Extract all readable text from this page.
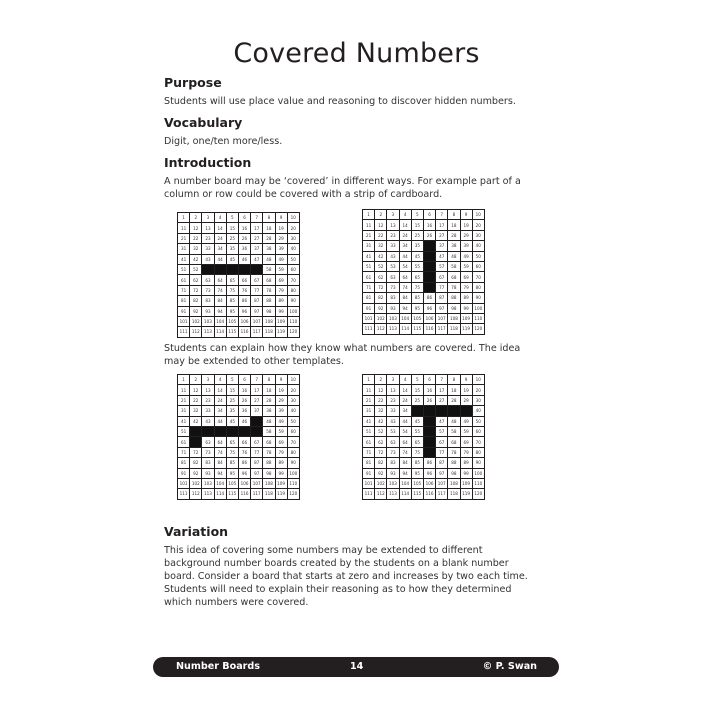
Covered Numbers
Purpose
Students will use place value and reasoning to discover hidden numbers.
Vocabulary
Digit, one/ten more/less.
Introduction
A number board may be ‘covered’ in different ways. For example part of a column or row could be covered with a strip of cardboard.
1	2	3	4	5	6	7	8	9	10
11	12	13	14	15	16	17	18	19	20
21	22	23	24	25	26	27	28	29	30
31	32	33	34	35	36	37	38	39	40
41	42	43	44	45	46	47	48	49	50
51	52	53	54	55	56	57	58	59	60
61	62	63	64	65	66	67	68	69	70
71	72	73	74	75	76	77	78	79	80
81	82	83	84	85	86	87	88	89	90
91	92	93	94	95	96	97	98	99	100
101	102	103	104	105	106	107	108	109	110
111	112	113	114	115	116	117	118	119	120
1	2	3	4	5	6	7	8	9	10
11	12	13	14	15	16	17	18	19	20
21	22	23	24	25	26	27	28	29	30
31	32	33	34	35	36	37	38	39	40
41	42	43	44	45	46	47	48	49	50
51	52	53	54	55	56	57	58	59	60
61	62	63	64	65	66	67	68	69	70
71	72	73	74	75	76	77	78	79	80
81	82	83	84	85	86	87	88	89	90
91	92	93	94	95	96	97	98	99	100
101	102	103	104	105	106	107	108	109	110
111	112	113	114	115	116	117	118	119	120
Students can explain how they know what numbers are covered. The idea may be extended to other templates.
1	2	3	4	5	6	7	8	9	10
11	12	13	14	15	16	17	18	19	20
21	22	23	24	25	26	27	28	29	30
31	32	33	34	35	36	37	38	39	40
41	42	43	44	45	46	47	48	49	50
51	52	53	54	55	56	57	58	59	60
61	62	63	64	65	66	67	68	69	70
71	72	73	74	75	76	77	78	79	80
81	82	83	84	85	86	87	88	89	90
91	92	93	94	95	96	97	98	99	100
101	102	103	104	105	106	107	108	109	110
111	112	113	114	115	116	117	118	119	120
1	2	3	4	5	6	7	8	9	10
11	12	13	14	15	16	17	18	19	20
21	22	23	24	25	26	27	28	29	30
31	32	33	34	35	36	37	38	39	40
41	42	43	44	45	46	47	48	49	50
51	52	53	54	55	56	57	58	59	60
61	62	63	64	65	66	67	68	69	70
71	72	73	74	75	76	77	78	79	80
81	82	83	84	85	86	87	88	89	90
91	92	93	94	95	96	97	98	99	100
101	102	103	104	105	106	107	108	109	110
111	112	113	114	115	116	117	118	119	120
Variation
This idea of covering some numbers may be extended to different background number boards created by the students on a blank number board. Consider a board that starts at zero and increases by two each time. Students will need to explain their reasoning as to how they determined which numbers were covered.
Number Boards	14	© P. Swan
